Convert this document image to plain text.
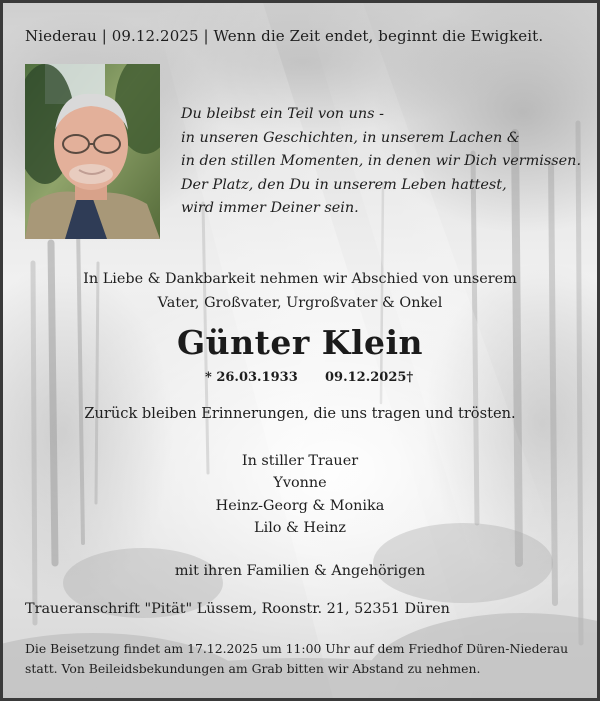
Niederau | 09.12.2025 | Wenn die Zeit endet, beginnt die Ewigkeit.
Du bleibst ein Teil von uns -
in unseren Geschichten, in unserem Lachen &
in den stillen Momenten, in denen wir Dich vermissen.
Der Platz, den Du in unserem Leben hattest,
wird immer Deiner sein.
In Liebe & Dankbarkeit nehmen wir Abschied von unserem
Vater, Großvater, Urgroßvater & Onkel
Günter Klein
* 26.03.1933 09.12.2025†
Zurück bleiben Erinnerungen, die uns tragen und trösten.
In stiller Trauer
Yvonne
Heinz-Georg & Monika
Lilo & Heinz
mit ihren Familien & Angehörigen
Traueranschrift "Pität" Lüssem, Roonstr. 21, 52351 Düren
Die Beisetzung findet am 17.12.2025 um 11:00 Uhr auf dem Friedhof Düren-Niederau
statt. Von Beileidsbekundungen am Grab bitten wir Abstand zu nehmen.
